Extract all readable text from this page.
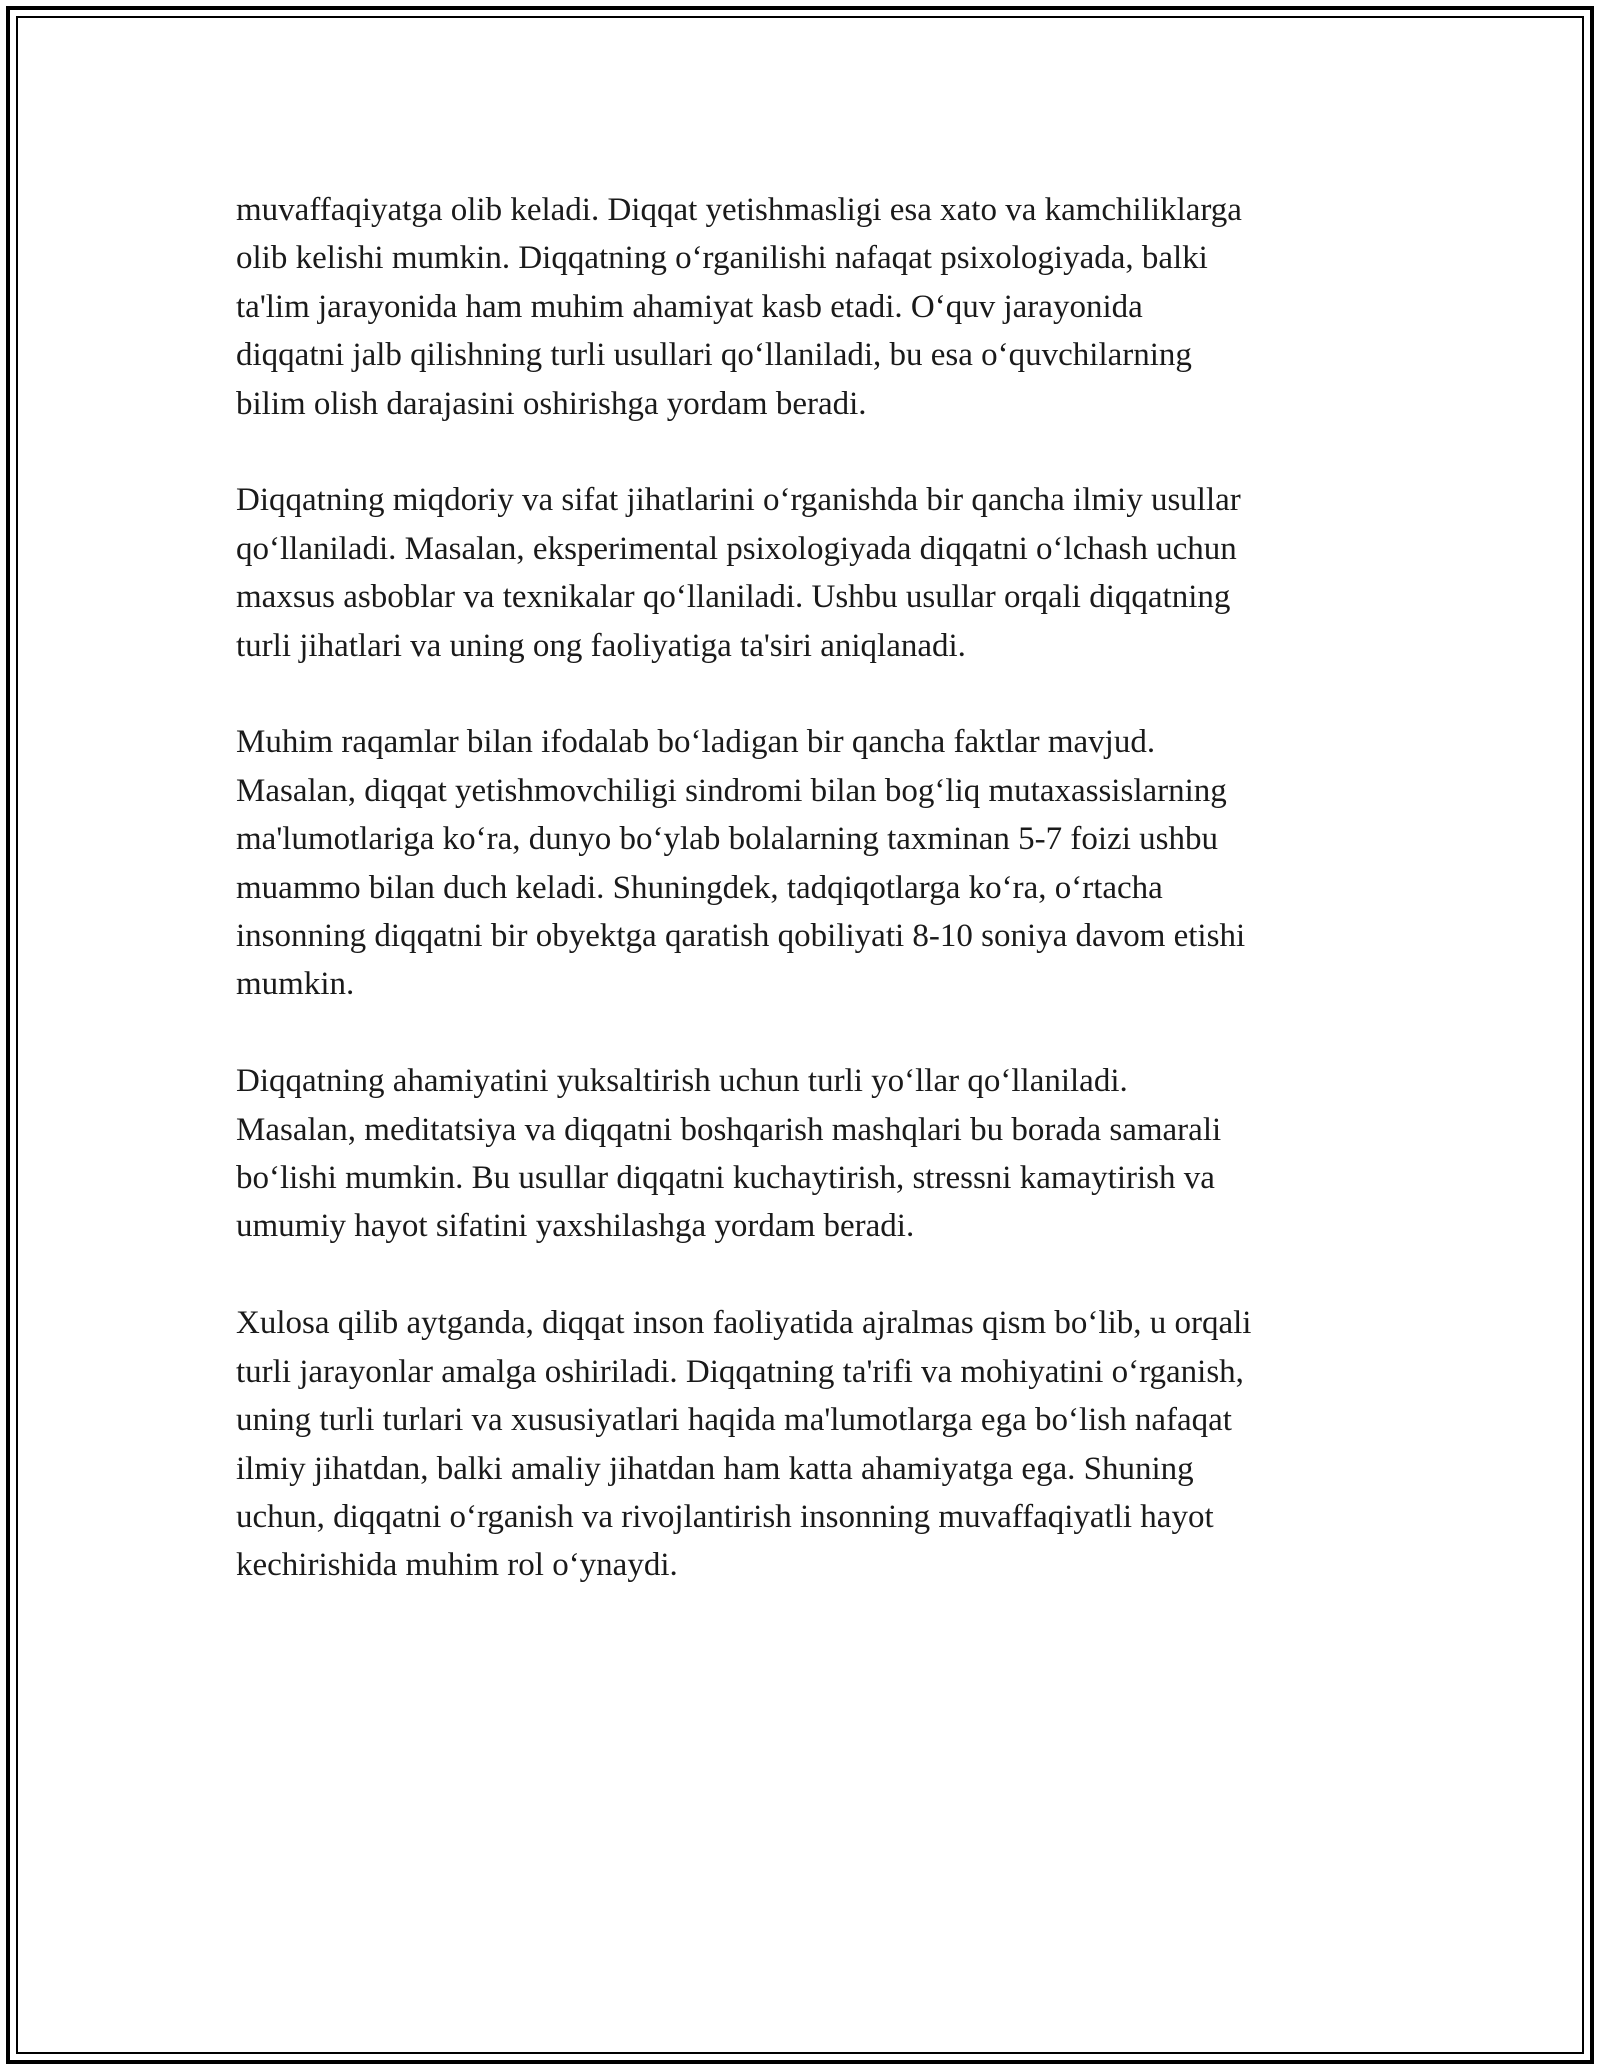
muvaffaqiyatga olib keladi. Diqqat yetishmasligi esa xato va kamchiliklarga
olib kelishi mumkin. Diqqatning o‘rganilishi nafaqat psixologiyada, balki
ta'lim jarayonida ham muhim ahamiyat kasb etadi. O‘quv jarayonida
diqqatni jalb qilishning turli usullari qo‘llaniladi, bu esa o‘quvchilarning
bilim olish darajasini oshirishga yordam beradi.

Diqqatning miqdoriy va sifat jihatlarini o‘rganishda bir qancha ilmiy usullar
qo‘llaniladi. Masalan, eksperimental psixologiyada diqqatni o‘lchash uchun
maxsus asboblar va texnikalar qo‘llaniladi. Ushbu usullar orqali diqqatning
turli jihatlari va uning ong faoliyatiga ta'siri aniqlanadi.

Muhim raqamlar bilan ifodalab bo‘ladigan bir qancha faktlar mavjud.
Masalan, diqqat yetishmovchiligi sindromi bilan bog‘liq mutaxassislarning
ma'lumotlariga ko‘ra, dunyo bo‘ylab bolalarning taxminan 5-7 foizi ushbu
muammo bilan duch keladi. Shuningdek, tadqiqotlarga ko‘ra, o‘rtacha
insonning diqqatni bir obyektga qaratish qobiliyati 8-10 soniya davom etishi
mumkin.

Diqqatning ahamiyatini yuksaltirish uchun turli yo‘llar qo‘llaniladi.
Masalan, meditatsiya va diqqatni boshqarish mashqlari bu borada samarali
bo‘lishi mumkin. Bu usullar diqqatni kuchaytirish, stressni kamaytirish va
umumiy hayot sifatini yaxshilashga yordam beradi.

Xulosa qilib aytganda, diqqat inson faoliyatida ajralmas qism bo‘lib, u orqali
turli jarayonlar amalga oshiriladi. Diqqatning ta'rifi va mohiyatini o‘rganish,
uning turli turlari va xususiyatlari haqida ma'lumotlarga ega bo‘lish nafaqat
ilmiy jihatdan, balki amaliy jihatdan ham katta ahamiyatga ega. Shuning
uchun, diqqatni o‘rganish va rivojlantirish insonning muvaffaqiyatli hayot
kechirishida muhim rol o‘ynaydi.
